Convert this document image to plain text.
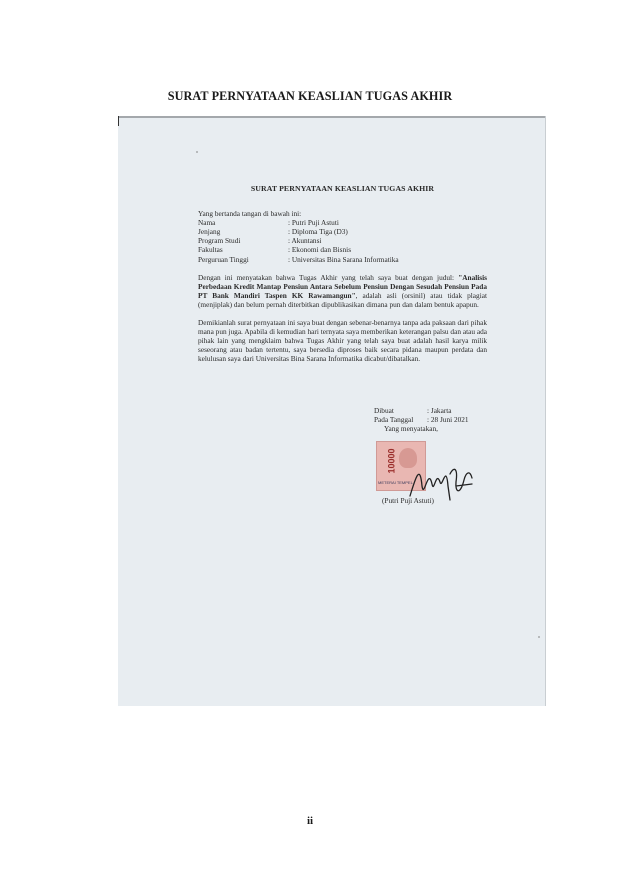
SURAT PERNYATAAN KEASLIAN TUGAS AKHIR
SURAT PERNYATAAN KEASLIAN TUGAS AKHIR
Yang bertanda tangan di bawah ini:
Nama	: Putri Puji Astuti
Jenjang	: Diploma Tiga (D3)
Program Studi	: Akuntansi
Fakultas	: Ekonomi dan Bisnis
Perguruan Tinggi	: Universitas Bina Sarana Informatika

Dengan ini menyatakan bahwa Tugas Akhir yang telah saya buat dengan judul: "Analisis Perbedaan Kredit Mantap Pensiun Antara Sebelum Pensiun Dengan Sesudah Pensiun Pada PT Bank Mandiri Taspen KK Rawamangun", adalah asli (orsinil) atau tidak plagiat (menjiplak) dan belum pernah diterbitkan dipublikasikan dimana pun dan dalam bentuk apapun.

Demikianlah surat pernyataan ini saya buat dengan sebenar-benarnya tanpa ada paksaan dari pihak mana pun juga. Apabila di kemudian hari ternyata saya memberikan keterangan palsu dan atau ada pihak lain yang mengklaim bahwa Tugas Akhir yang telah saya buat adalah hasil karya milik seseorang atau badan tertentu, saya bersedia diproses baik secara pidana maupun perdata dan kelulusan saya dari Universitas Bina Sarana Informatika dicabut/dibatalkan.

Dibuat	: Jakarta
Pada Tanggal	: 28 Juni 2021
Yang menyatakan,
10000
METERAI TEMPEL
(Putri Puji Astuti)
ii
